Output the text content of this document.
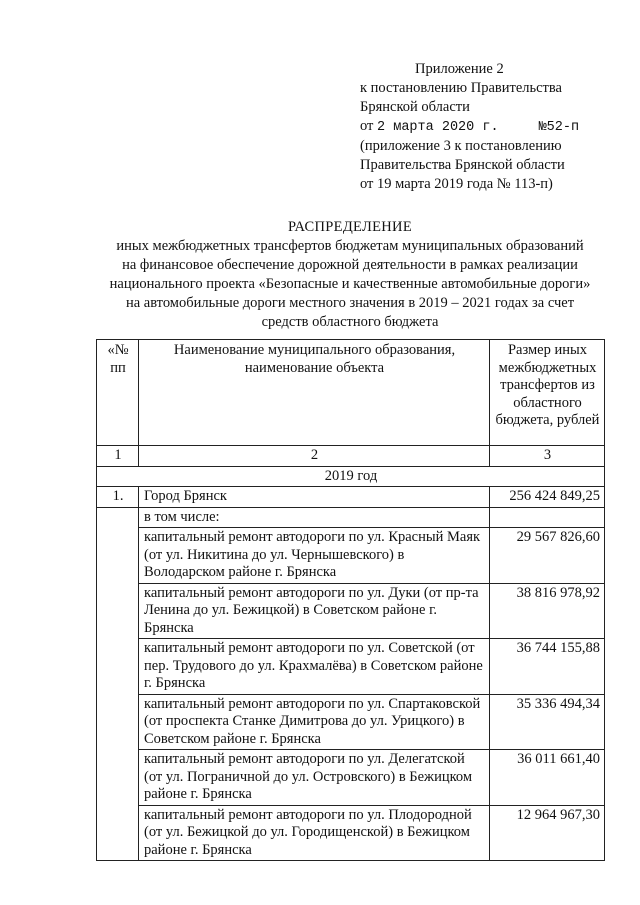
Приложение 2
к постановлению Правительства
Брянской области
от 2 марта 2020 г.	№52-п
(приложение 3 к постановлению
Правительства Брянской области
от 19 марта 2019 года № 113-п)
РАСПРЕДЕЛЕНИЕ
иных межбюджетных трансфертов бюджетам муниципальных образований
на финансовое обеспечение дорожной деятельности в рамках реализации
национального проекта «Безопасные и качественные автомобильные дороги»
на автомобильные дороги местного значения в 2019 – 2021 годах за счет
средств областного бюджета
«№ пп	Наименование муниципального образования, наименование объекта	Размер иных межбюджетных трансфертов из областного бюджета, рублей
1	2	3
2019 год		
1.	Город Брянск	256 424 849,25
	в том числе:	
	капитальный ремонт автодороги по ул. Красный Маяк (от ул. Никитина до ул. Чернышевского) в Володарском районе г. Брянска	29 567 826,60
	капитальный ремонт автодороги по ул. Дуки (от пр-та Ленина до ул. Бежицкой) в Советском районе г. Брянска	38 816 978,92
	капитальный ремонт автодороги по ул. Советской (от пер. Трудового до ул. Крахмалёва) в Советском районе г. Брянска	36 744 155,88
	капитальный ремонт автодороги по ул. Спартаковской (от проспекта Станке Димитрова до ул. Урицкого) в Советском районе г. Брянска	35 336 494,34
	капитальный ремонт автодороги по ул. Делегатской (от ул. Пограничной до ул. Островского) в Бежицком районе г. Брянска	36 011 661,40
	капитальный ремонт автодороги по ул. Плодородной (от ул. Бежицкой до ул. Городищенской) в Бежицком районе г. Брянска	12 964 967,30
